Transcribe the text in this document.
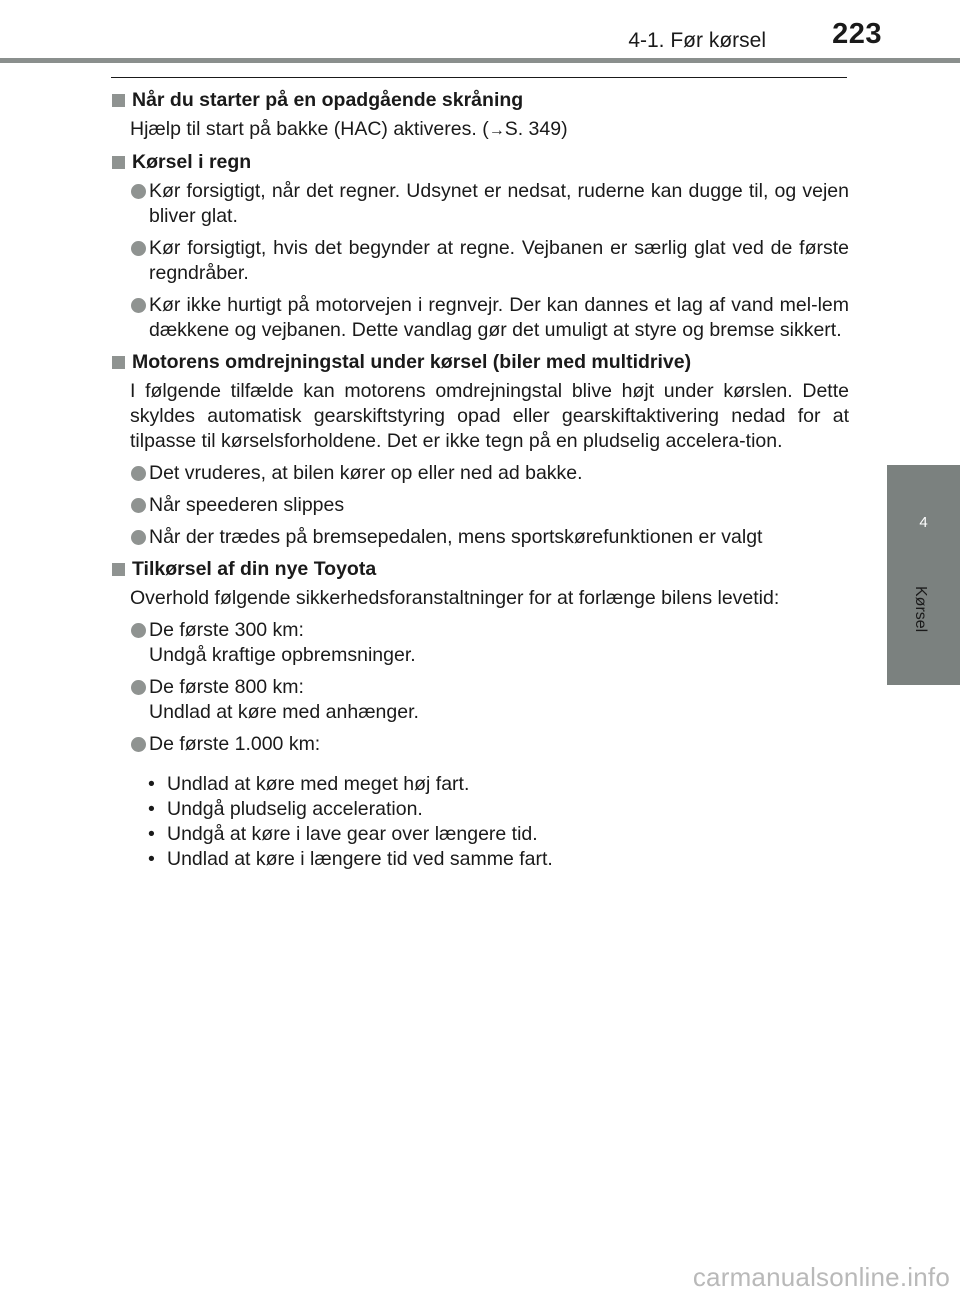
4-1. Før kørsel	223
4
Kørsel
Når du starter på en opadgående skråning
Hjælp til start på bakke (HAC) aktiveres. (→S. 349)
Kørsel i regn
Kør forsigtigt, når det regner. Udsynet er nedsat, ruderne kan dugge til, og vejen bliver glat.
Kør forsigtigt, hvis det begynder at regne. Vejbanen er særlig glat ved de første regndråber.
Kør ikke hurtigt på motorvejen i regnvejr. Der kan dannes et lag af vand mel-lem dækkene og vejbanen. Dette vandlag gør det umuligt at styre og bremse sikkert.
Motorens omdrejningstal under kørsel (biler med multidrive)
I følgende tilfælde kan motorens omdrejningstal blive højt under kørslen. Dette skyldes automatisk gearskiftstyring opad eller gearskiftaktivering nedad for at tilpasse til kørselsforholdene. Det er ikke tegn på en pludselig accelera-tion.
Det vruderes, at bilen kører op eller ned ad bakke.
Når speederen slippes
Når der trædes på bremsepedalen, mens sportskørefunktionen er valgt
Tilkørsel af din nye Toyota
Overhold følgende sikkerhedsforanstaltninger for at forlænge bilens levetid:
De første 300 km:
Undgå kraftige opbremsninger.
De første 800 km:
Undlad at køre med anhænger.
De første 1.000 km:
• Undlad at køre med meget høj fart.
• Undgå pludselig acceleration.
• Undgå at køre i lave gear over længere tid.
• Undlad at køre i længere tid ved samme fart.
carmanualsonline.info
